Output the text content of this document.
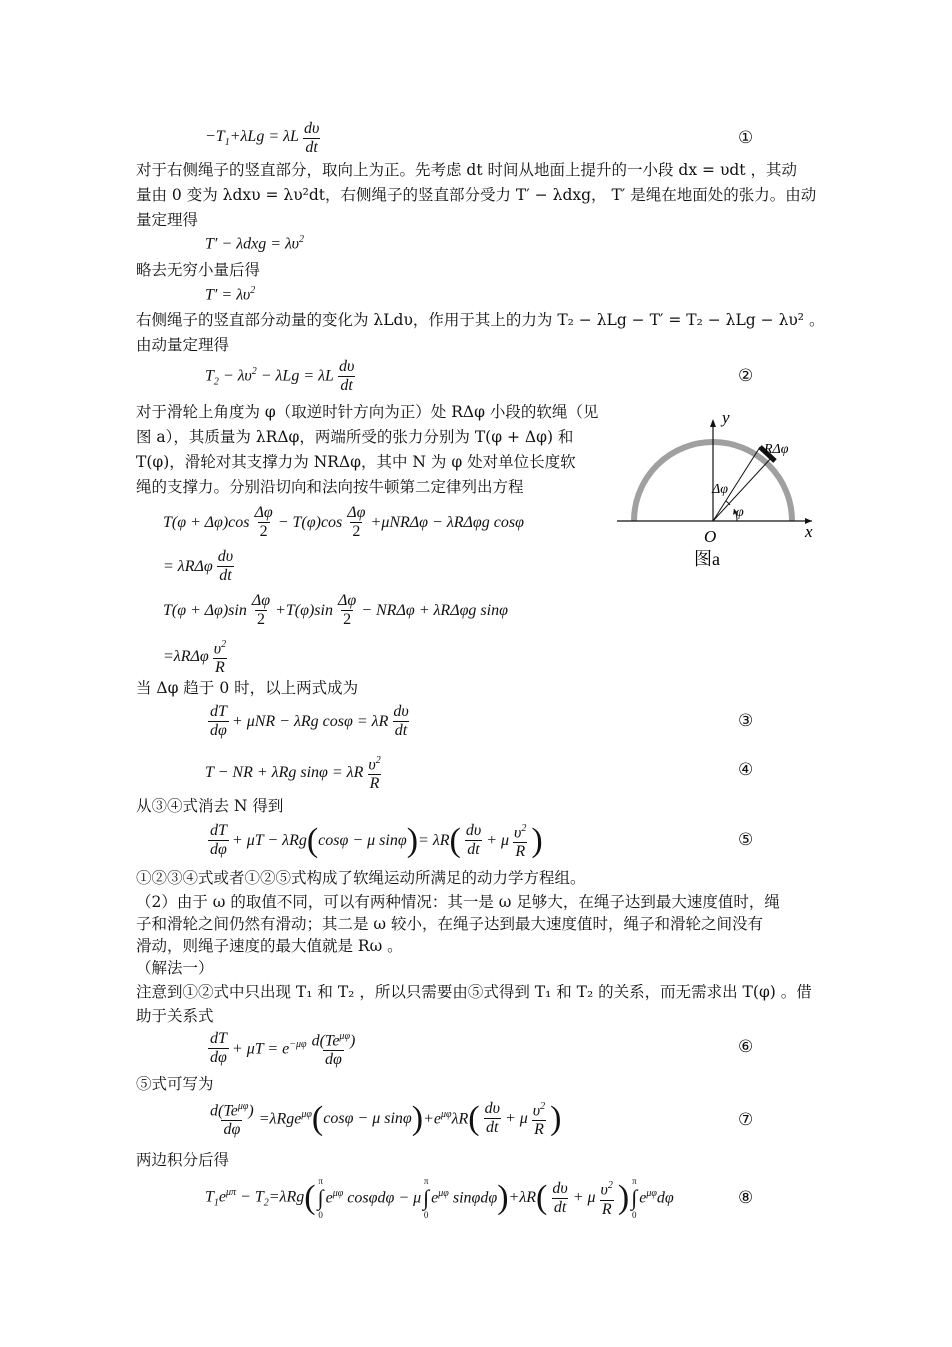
$-T_1+\lambda Lg = \lambda L \frac{d\upsilon}{dt}$	①
对于右侧绳子的竖直部分，取向上为正。先考虑 dt 时间从地面上提升的一小段 dx = υdt ，其动
量由 0 变为 λdxυ = λυ²dt，右侧绳子的竖直部分受力 T′ − λdxg， T′ 是绳在地面处的张力。由动
量定理得
$T' - \lambda dxg = \lambda\upsilon^2$
略去无穷小量后得
$T' = \lambda\upsilon^2$
右侧绳子的竖直部分动量的变化为 λLdυ，作用于其上的力为 T₂ − λLg − T′ = T₂ − λLg − λυ² 。
由动量定理得
$T_2 - \lambda\upsilon^2 - \lambda Lg = \lambda L \frac{d\upsilon}{dt}$	②
对于滑轮上角度为 φ（取逆时针方向为正）处 RΔφ 小段的软绳（见
图 a），其质量为 λRΔφ，两端所受的张力分别为 T(φ + Δφ) 和
T(φ)，滑轮对其支撑力为 NRΔφ，其中 N 为 φ 处对单位长度软
绳的支撑力。分别沿切向和法向按牛顿第二定律列出方程
y
x
O
RΔφ
Δφ
φ
图a
$T(\varphi + \Delta\varphi)\cos \frac{\Delta\varphi}{2} - T(\varphi)\cos \frac{\Delta\varphi}{2} +\mu NR\Delta\varphi - \lambda R\Delta\varphi g$ cosφ
= λRΔφ $\frac{d\upsilon}{dt}$
$T(\varphi + \Delta\varphi)\sin \frac{\Delta\varphi}{2} +T(\varphi)\sin \frac{\Delta\varphi}{2} - NR\Delta\varphi + \lambda R\Delta\varphi g$ sinφ
$=\lambda R\Delta\varphi \frac{\upsilon^2}{R}$
当 Δφ 趋于 0 时，以上两式成为
$\frac{dT}{d\varphi} + \mu NR - \lambda Rg$ cosφ = λR $\frac{d\upsilon}{dt}$	③
T − NR + λRg sinφ = λR $\frac{\upsilon^2}{R}$	④
从③④式消去 N 得到
$\frac{dT}{d\varphi} + \mu T - \lambda Rg$ ( cosφ − μ sinφ ) = λR ( $\frac{d\upsilon}{dt} + \mu \frac{\upsilon^2}{R}$ )	⑤
①②③④式或者①②⑤式构成了软绳运动所满足的动力学方程组。
（2）由于 ω 的取值不同，可以有两种情况：其一是 ω 足够大，在绳子达到最大速度值时，绳
子和滑轮之间仍然有滑动；其二是 ω 较小，在绳子达到最大速度值时，绳子和滑轮之间没有
滑动，则绳子速度的最大值就是 Rω 。
（解法一）
注意到①②式中只出现 T₁ 和 T₂ ，所以只需要由⑤式得到 T₁ 和 T₂ 的关系，而无需求出 T(φ) 。借
助于关系式
$\frac{dT}{d\varphi} + \mu T = e^{-\mu\varphi} \frac{d(Te^{\mu\varphi})}{d\varphi}$	⑥
⑤式可写为
$\frac{d(Te^{\mu\varphi})}{d\varphi} =\lambda Rge^{\mu\varphi}$ ( cosφ − μ sinφ ) $+e^{\mu\varphi}\lambda R$ ( $\frac{d\upsilon}{dt} + \mu \frac{\upsilon^2}{R}$ )	⑦
两边积分后得
$T_1e^{\mu\pi} - T_2=\lambda Rg$ ( π
∫
0
$e^{\mu\varphi}$ cosφdφ − μ
π
∫
0
$e^{\mu\varphi}$ sinφdφ ) +λR ( $\frac{d\upsilon}{dt} + \mu \frac{\upsilon^2}{R}$ ) π
∫
0
$e^{\mu\varphi}d\varphi$	⑧
